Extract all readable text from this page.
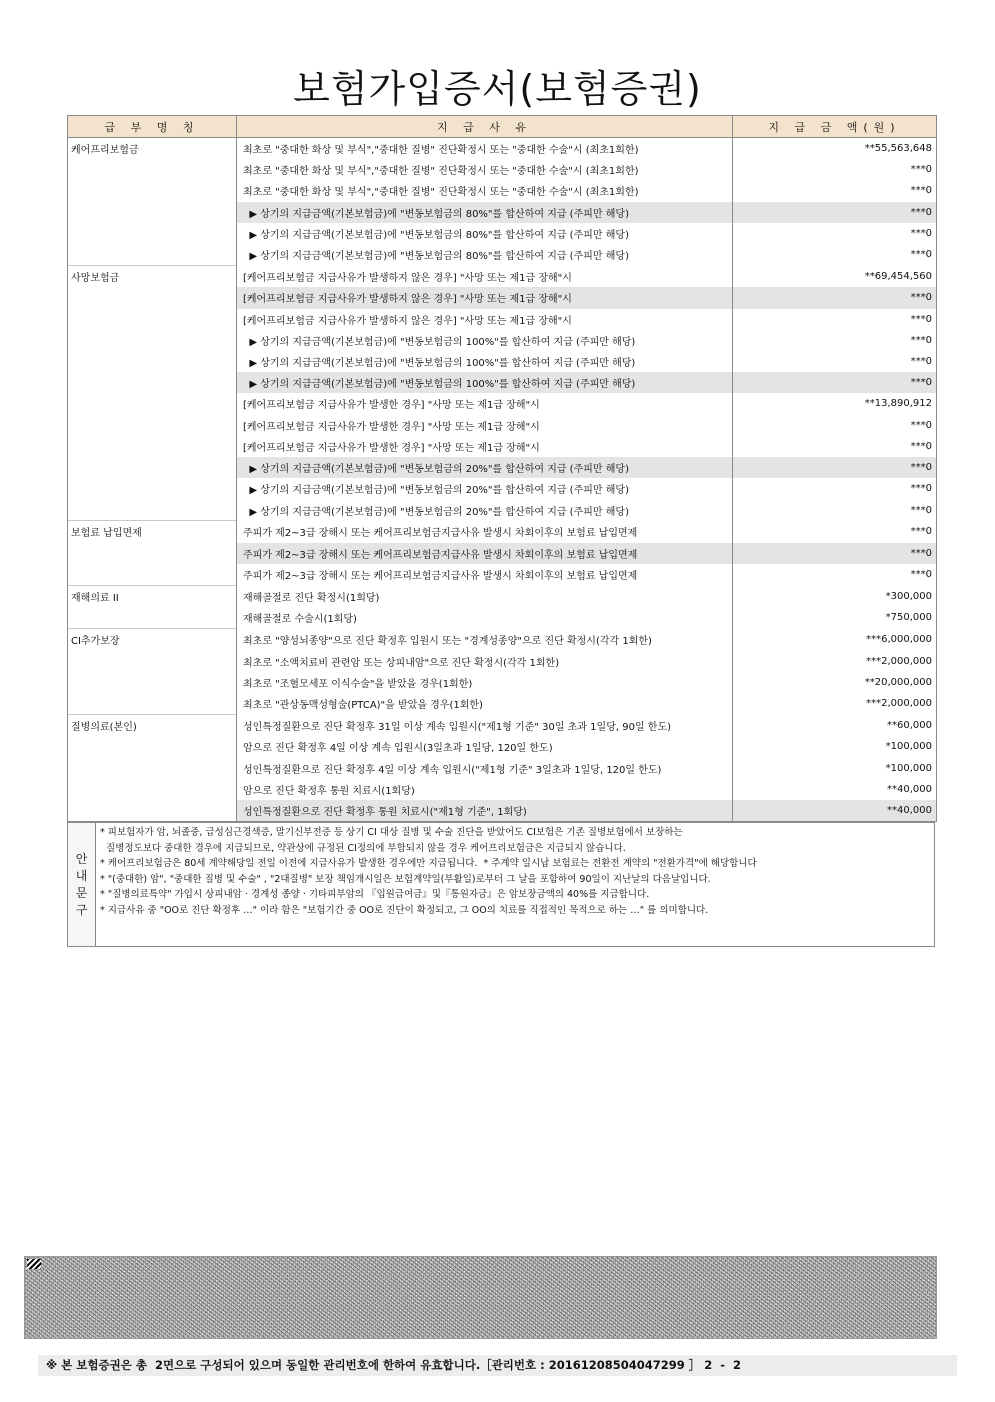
보험가입증서(보험증권)
급 부 명 칭	지 급 사 유	지 급 금 액(원)
케어프리보험금	최초로 "중대한 화상 및 부식","중대한 질병" 진단확정시 또는 "중대한 수술"시 (최초1회한)	**55,563,648
	최초로 "중대한 화상 및 부식","중대한 질병" 진단확정시 또는 "중대한 수술"시 (최초1회한)	***0
	최초로 "중대한 화상 및 부식","중대한 질병" 진단확정시 또는 "중대한 수술"시 (최초1회한)	***0
	▶ 상기의 지급금액(기본보험금)에 "변동보험금의 80%"를 합산하여 지급 (주피만 해당)	***0
	▶ 상기의 지급금액(기본보험금)에 "변동보험금의 80%"를 합산하여 지급 (주피만 해당)	***0
	▶ 상기의 지급금액(기본보험금)에 "변동보험금의 80%"를 합산하여 지급 (주피만 해당)	***0
사망보험금	[케어프리보험금 지급사유가 발생하지 않은 경우] "사망 또는 제1급 장해"시	**69,454,560
	[케어프리보험금 지급사유가 발생하지 않은 경우] "사망 또는 제1급 장해"시	***0
	[케어프리보험금 지급사유가 발생하지 않은 경우] "사망 또는 제1급 장해"시	***0
	▶ 상기의 지급금액(기본보험금)에 "변동보험금의 100%"를 합산하여 지급 (주피만 해당)	***0
	▶ 상기의 지급금액(기본보험금)에 "변동보험금의 100%"를 합산하여 지급 (주피만 해당)	***0
	▶ 상기의 지급금액(기본보험금)에 "변동보험금의 100%"를 합산하여 지급 (주피만 해당)	***0
	[케어프리보험금 지급사유가 발생한 경우] "사망 또는 제1급 장해"시	**13,890,912
	[케어프리보험금 지급사유가 발생한 경우] "사망 또는 제1급 장해"시	***0
	[케어프리보험금 지급사유가 발생한 경우] "사망 또는 제1급 장해"시	***0
	▶ 상기의 지급금액(기본보험금)에 "변동보험금의 20%"를 합산하여 지급 (주피만 해당)	***0
	▶ 상기의 지급금액(기본보험금)에 "변동보험금의 20%"를 합산하여 지급 (주피만 해당)	***0
	▶ 상기의 지급금액(기본보험금)에 "변동보험금의 20%"를 합산하여 지급 (주피만 해당)	***0
보험료 납입면제	주피가 제2~3급 장해시 또는 케어프리보험금지급사유 발생시 차회이후의 보험료 납입면제	***0
	주피가 제2~3급 장해시 또는 케어프리보험금지급사유 발생시 차회이후의 보험료 납입면제	***0
	주피가 제2~3급 장해시 또는 케어프리보험금지급사유 발생시 차회이후의 보험료 납입면제	***0
재해의료 II	재해골절로 진단 확정시(1회당)	*300,000
	재해골절로 수술시(1회당)	*750,000
CI추가보장	최초로 "양성뇌종양"으로 진단 확정후 입원시 또는 "경계성종양"으로 진단 확정시(각각 1회한)	***6,000,000
	최초로 "소액치료비 관련암 또는 상피내암"으로 진단 확정시(각각 1회한)	***2,000,000
	최초로 "조혈모세포 이식수술"을 받았을 경우(1회한)	**20,000,000
	최초로 "관상동맥성형술(PTCA)"을 받았을 경우(1회한)	***2,000,000
질병의료(본인)	성인특정질환으로 진단 확정후 31일 이상 계속 입원시("제1형 기준" 30일 초과 1일당, 90일 한도)	**60,000
	암으로 진단 확정후 4일 이상 계속 입원시(3일초과 1일당, 120일 한도)	*100,000
	성인특정질환으로 진단 확정후 4일 이상 계속 입원시("제1형 기준" 3일초과 1일당, 120일 한도)	*100,000
	암으로 진단 확정후 통원 치료시(1회당)	**40,000
	성인특정질환으로 진단 확정후 통원 치료시("제1형 기준", 1회당)	**40,000
안
내
문
구
* 피보험자가 암, 뇌졸중, 급성심근경색증, 말기신부전증 등 상기 CI 대상 질병 및 수술 진단을 받았어도 CI보험은 기존 질병보험에서 보장하는
질병정도보다 중대한 경우에 지급되므로, 약관상에 규정된 CI정의에 부합되지 않을 경우 케어프리보험금은 지급되지 않습니다.
* 케어프리보험금은 80세 계약해당일 전일 이전에 지급사유가 발생한 경우에만 지급됩니다.  * 주계약 일시납 보험료는 전환전 계약의 "전환가격"에 해당합니다
* "(중대한) 암", "중대한 질병 및 수술" , "2대질병" 보장 책임개시일은 보험계약일(부활일)로부터 그 날을 포함하여 90일이 지난날의 다음날입니다.
* "질병의료특약" 가입시 상피내암 · 경계성 종양 · 기타피부암의 『입원급여금』및『통원자금』은 암보장금액의 40%를 지급합니다.
* 지급사유 중 "OO로 진단 확정후 …" 이라 함은 "보험기간 중 OO로 진단이 확정되고, 그 OO의 치료를 직접적인 목적으로 하는 …" 를 의미합니다.
※ 본 보험증권은 총  2면으로 구성되어 있으며 동일한 관리번호에 한하여 유효합니다.［관리번호 : 20161208504047299 ］ 2  -  2
